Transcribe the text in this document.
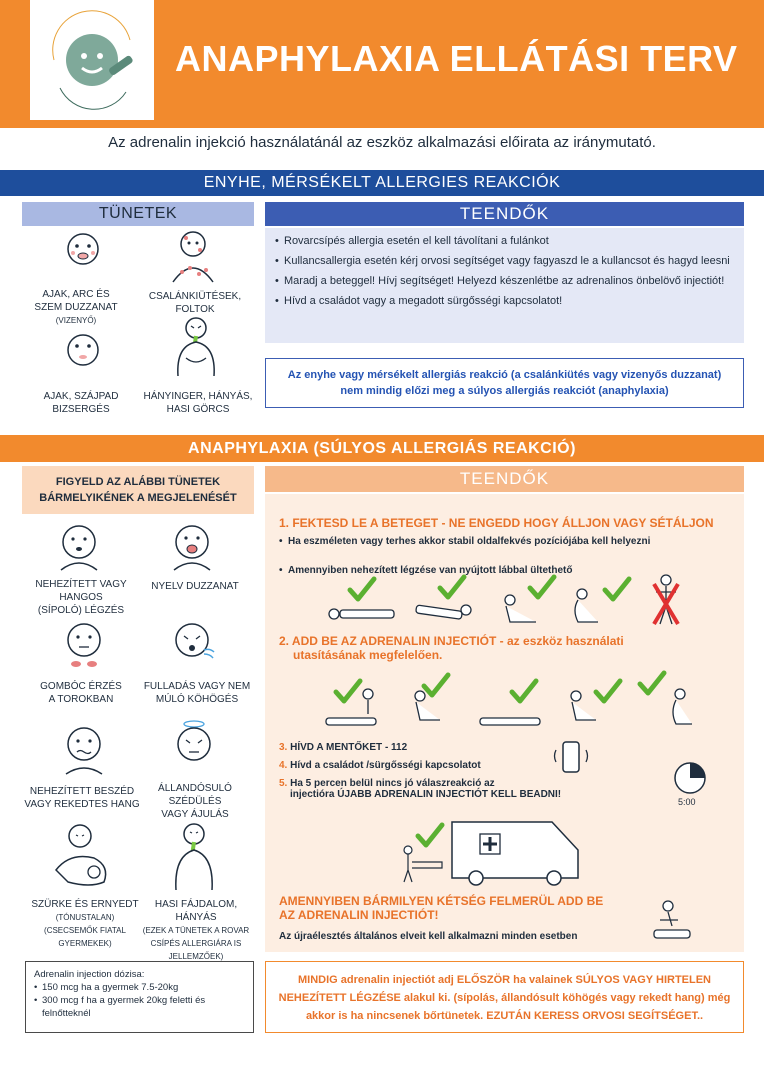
ANAPHYLAXIA ELLÁTÁSI TERV
Az adrenalin injekció használatánál az eszköz alkalmazási előirata az iránymutató.
ENYHE, MÉRSÉKELT ALLERGIES REAKCIÓK
TÜNETEK	TEENDŐK
AJAK, ARC ÉS
SZEM DUZZANAT
(VIZENYŐ)
CSALÁNKIÜTÉSEK,
FOLTOK
AJAK, SZÁJPAD
BIZSERGÉS
HÁNYINGER, HÁNYÁS,
HASI GÖRCS
• Rovarcsípés allergia esetén el kell távolítani a fulánkot
• Kullancsallergia esetén kérj orvosi segítséget vagy fagyaszd le a kullancsot és hagyd leesni
• Maradj a beteggel! Hívj segítséget! Helyezd készenlétbe az adrenalinos önbelövő injectiót!
• Hívd a családot vagy a megadott sürgősségi kapcsolatot!
Az enyhe vagy mérsékelt allergiás reakció (a csalánkiütés vagy vizenyős duzzanat) nem mindig előzi meg a súlyos allergiás reakciót (anaphylaxia)
ANAPHYLAXIA (SÚLYOS ALLERGIÁS REAKCIÓ)
FIGYELD AZ ALÁBBI TÜNETEK
BÁRMELYIKÉNEK A MEGJELENÉSÉT
TEENDŐK
NEHEZÍTETT VAGY
HANGOS
(SÍPOLÓ) LÉGZÉS
NYELV DUZZANAT
GOMBÓC ÉRZÉS
A TOROKBAN
FULLADÁS VAGY NEM
MÚLÓ KÖHÖGÉS
NEHEZÍTETT BESZÉD
VAGY REKEDTES HANG
ÁLLANDÓSULÓ
SZÉDÜLÉS
VAGY ÁJULÁS
SZÜRKE ÉS ERNYEDT
(TÓNUSTALAN)
(CSECSEMŐK FIATAL GYERMEKEK)
HASI FÁJDALOM,
HÁNYÁS
(EZEK A TÜNETEK A ROVAR CSÍPÉS ALLERGIÁRA IS JELLEMZŐEK)
1. FEKTESD LE A BETEGET - NE ENGEDD HOGY ÁLLJON VAGY SÉTÁLJON
• Ha eszméleten vagy terhes akkor stabil oldalfekvés pozícióјába kell helyezni
• Amennyiben nehezített légzése van nyújtott lábbal ültethető
2. ADD BE AZ ADRENALIN INJECTIÓT - az eszköz használati
utasításának megfelelően.
3. HÍVD A MENTŐKET - 112
4. Hívd a családot /sürgősségi kapcsolatot
5. Ha 5 percen belül nincs jó válaszreakció az
injectióra ÚJABB ADRENALIN INJECTIÓT KELL BEADNI!
5:00
AMENNYIBEN BÁRMILYEN KÉTSÉG FELMERÜL ADD BE
AZ ADRENALIN INJECTIÓT!
Az újraélesztés általános elveit kell alkalmazni minden esetben
MINDIG adrenalin injectiót adj ELŐSZÖR ha valainek SÚLYOS VAGY HIRTELEN NEHEZÍTETT LÉGZÉSE alakul ki. (sípolás, állandósult köhögés vagy rekedt hang) még akkor is ha nincsenek bőrtünetek. EZUTÁN KERESS ORVOSI SEGÍTSÉGET..
Adrenalin injection dózisa:
• 150 mcg ha a gyermek 7.5-20kg
• 300 mcg f ha a gyermek 20kg feletti és felnőtteknél
